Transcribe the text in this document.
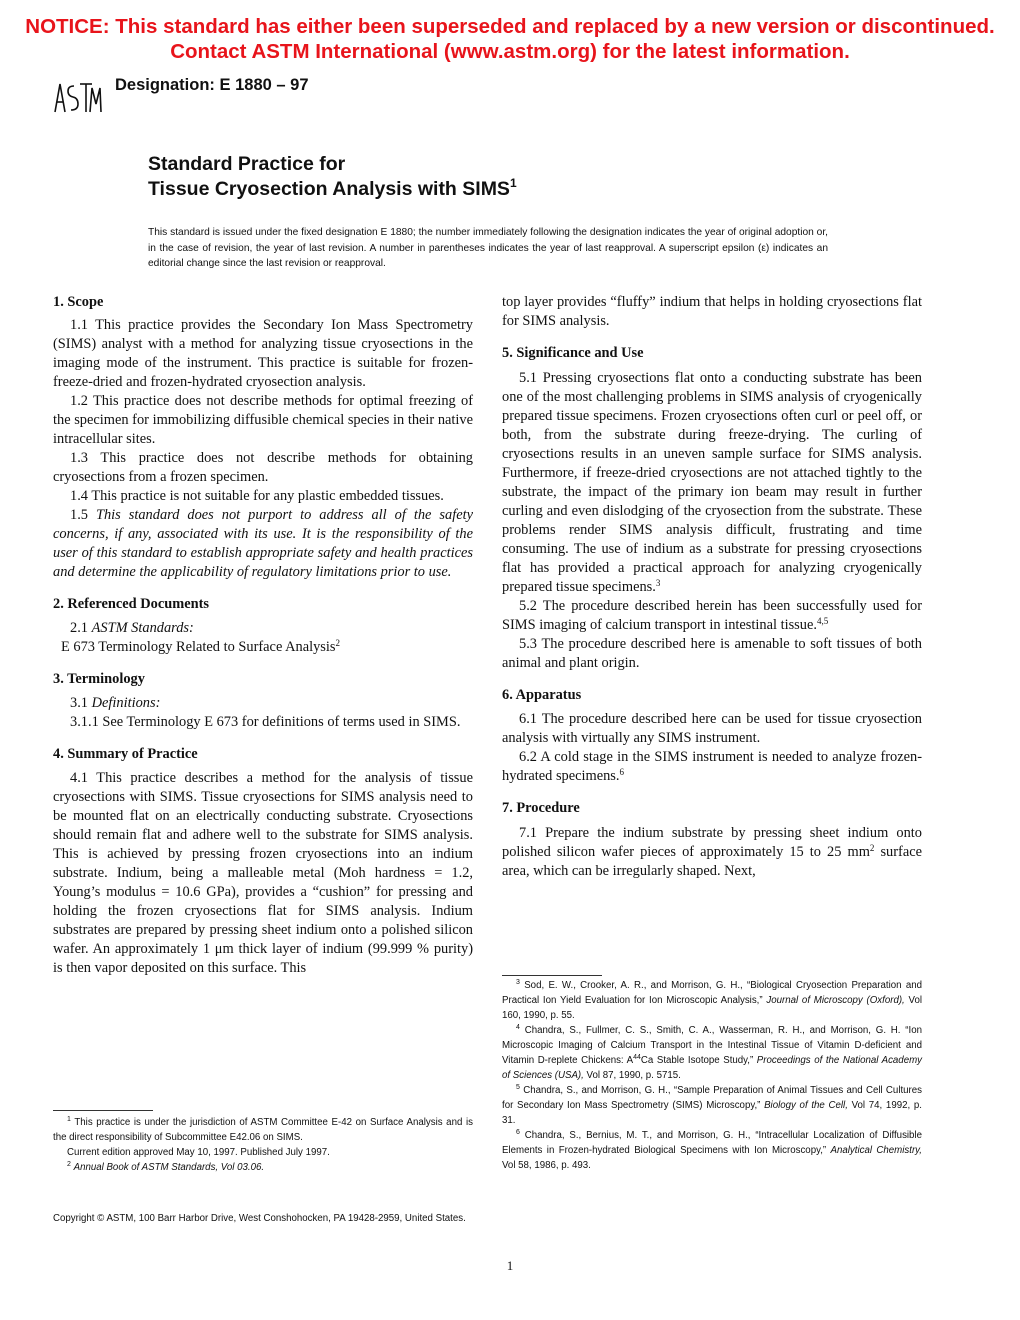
NOTICE: This standard has either been superseded and replaced by a new version or discontinued.
Contact ASTM International (www.astm.org) for the latest information.
ASTM
Designation: E 1880 – 97
Standard Practice for
Tissue Cryosection Analysis with SIMS$^1$
This standard is issued under the fixed designation E 1880; the number immediately following the designation indicates the year of original adoption or, in the case of revision, the year of last revision. A number in parentheses indicates the year of last reapproval. A superscript epsilon (ε) indicates an editorial change since the last revision or reapproval.
1. Scope

1.1 This practice provides the Secondary Ion Mass Spectrometry (SIMS) analyst with a method for analyzing tissue cryosections in the imaging mode of the instrument. This practice is suitable for frozen-freeze-dried and frozen-hydrated cryosection analysis.

1.2 This practice does not describe methods for optimal freezing of the specimen for immobilizing diffusible chemical species in their native intracellular sites.

1.3 This practice does not describe methods for obtaining cryosections from a frozen specimen.

1.4 This practice is not suitable for any plastic embedded tissues.

1.5 This standard does not purport to address all of the safety concerns, if any, associated with its use. It is the responsibility of the user of this standard to establish appropriate safety and health practices and determine the applicability of regulatory limitations prior to use.

2. Referenced Documents

2.1 ASTM Standards:

E 673 Terminology Related to Surface Analysis$^2$

3. Terminology

3.1 Definitions:

3.1.1 See Terminology E 673 for definitions of terms used in SIMS.

4. Summary of Practice

4.1 This practice describes a method for the analysis of tissue cryosections with SIMS. Tissue cryosections for SIMS analysis need to be mounted flat on an electrically conducting substrate. Cryosections should remain flat and adhere well to the substrate for SIMS analysis. This is achieved by pressing frozen cryosections into an indium substrate. Indium, being a malleable metal (Moh hardness = 1.2, Young’s modulus = 10.6 GPa), provides a “cushion” for pressing and holding the frozen cryosections flat for SIMS analysis. Indium substrates are prepared by pressing sheet indium onto a polished silicon wafer. An approximately 1 μm thick layer of indium (99.999 % purity) is then vapor deposited on this surface. This

top layer provides “fluffy” indium that helps in holding cryosections flat for SIMS analysis.

5. Significance and Use

5.1 Pressing cryosections flat onto a conducting substrate has been one of the most challenging problems in SIMS analysis of cryogenically prepared tissue specimens. Frozen cryosections often curl or peel off, or both, from the substrate during freeze-drying. The curling of cryosections results in an uneven sample surface for SIMS analysis. Furthermore, if freeze-dried cryosections are not attached tightly to the substrate, the impact of the primary ion beam may result in further curling and even dislodging of the cryosection from the substrate. These problems render SIMS analysis difficult, frustrating and time consuming. The use of indium as a substrate for pressing cryosections flat has provided a practical approach for analyzing cryogenically prepared tissue specimens.$^3$

5.2 The procedure described herein has been successfully used for SIMS imaging of calcium transport in intestinal tissue.$^{4,5}$

5.3 The procedure described here is amenable to soft tissues of both animal and plant origin.

6. Apparatus

6.1 The procedure described here can be used for tissue cryosection analysis with virtually any SIMS instrument.

6.2 A cold stage in the SIMS instrument is needed to analyze frozen-hydrated specimens.$^6$

7. Procedure

7.1 Prepare the indium substrate by pressing sheet indium onto polished silicon wafer pieces of approximately 15 to 25 $mm^2$ surface area, which can be irregularly shaped. Next,

$^1$ This practice is under the jurisdiction of ASTM Committee E-42 on Surface Analysis and is the direct responsibility of Subcommittee E42.06 on SIMS.

Current edition approved May 10, 1997. Published July 1997.

$^2$ Annual Book of ASTM Standards, Vol 03.06.

$^3$ Sod, E. W., Crooker, A. R., and Morrison, G. H., “Biological Cryosection Preparation and Practical Ion Yield Evaluation for Ion Microscopic Analysis,” Journal of Microscopy (Oxford), Vol 160, 1990, p. 55.

$^4$ Chandra, S., Fullmer, C. S., Smith, C. A., Wasserman, R. H., and Morrison, G. H. “Ion Microscopic Imaging of Calcium Transport in the Intestinal Tissue of Vitamin D-deficient and Vitamin D-replete Chickens: $A^{44}Ca$ Stable Isotope Study,” Proceedings of the National Academy of Sciences (USA), Vol 87, 1990, p. 5715.

$^5$ Chandra, S., and Morrison, G. H., “Sample Preparation of Animal Tissues and Cell Cultures for Secondary Ion Mass Spectrometry (SIMS) Microscopy,” Biology of the Cell, Vol 74, 1992, p. 31.

$^6$ Chandra, S., Bernius, M. T., and Morrison, G. H., “Intracellular Localization of Diffusible Elements in Frozen-hydrated Biological Specimens with Ion Microscopy,” Analytical Chemistry, Vol 58, 1986, p. 493.

Copyright © ASTM, 100 Barr Harbor Drive, West Conshohocken, PA 19428-2959, United States.
1
